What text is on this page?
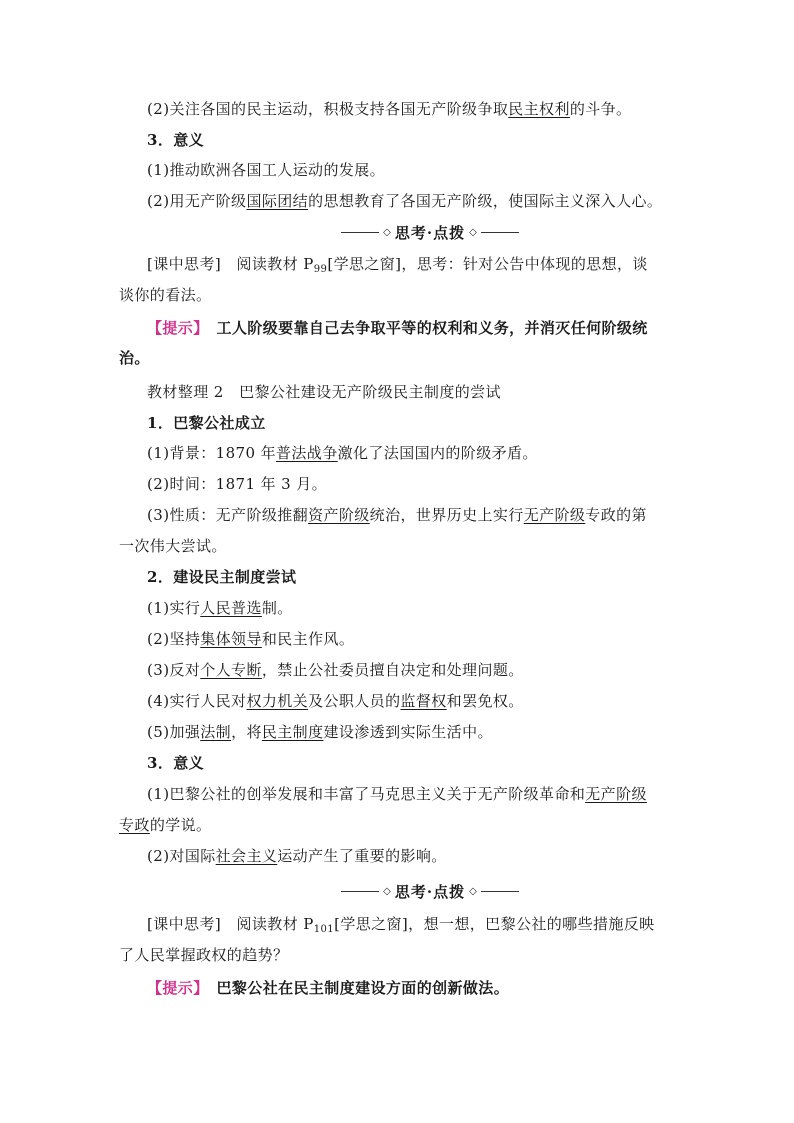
(2)关注各国的民主运动，积极支持各国无产阶级争取民主权利的斗争。
3．意义
(1)推动欧洲各国工人运动的发展。
(2)用无产阶级国际团结的思想教育了各国无产阶级，使国际主义深入人心。
◇ 思考·点拨 ◇
[课中思考]　阅读教材 $P_{99}$[学思之窗]，思考：针对公告中体现的思想，谈
谈你的看法。
【提示】　工人阶级要靠自己去争取平等的权利和义务，并消灭任何阶级统
治。
教材整理 2　巴黎公社建设无产阶级民主制度的尝试
1．巴黎公社成立
(1)背景：1870 年普法战争激化了法国国内的阶级矛盾。
(2)时间：1871 年 3 月。
(3)性质：无产阶级推翻资产阶级统治，世界历史上实行无产阶级专政的第
一次伟大尝试。
2．建设民主制度尝试
(1)实行人民普选制。
(2)坚持集体领导和民主作风。
(3)反对个人专断，禁止公社委员擅自决定和处理问题。
(4)实行人民对权力机关及公职人员的监督权和罢免权。
(5)加强法制，将民主制度建设渗透到实际生活中。
3．意义
(1)巴黎公社的创举发展和丰富了马克思主义关于无产阶级革命和无产阶级
专政的学说。
(2)对国际社会主义运动产生了重要的影响。
◇ 思考·点拨 ◇
[课中思考]　阅读教材 $P_{101}$[学思之窗]，想一想，巴黎公社的哪些措施反映
了人民掌握政权的趋势？
【提示】　巴黎公社在民主制度建设方面的创新做法。
